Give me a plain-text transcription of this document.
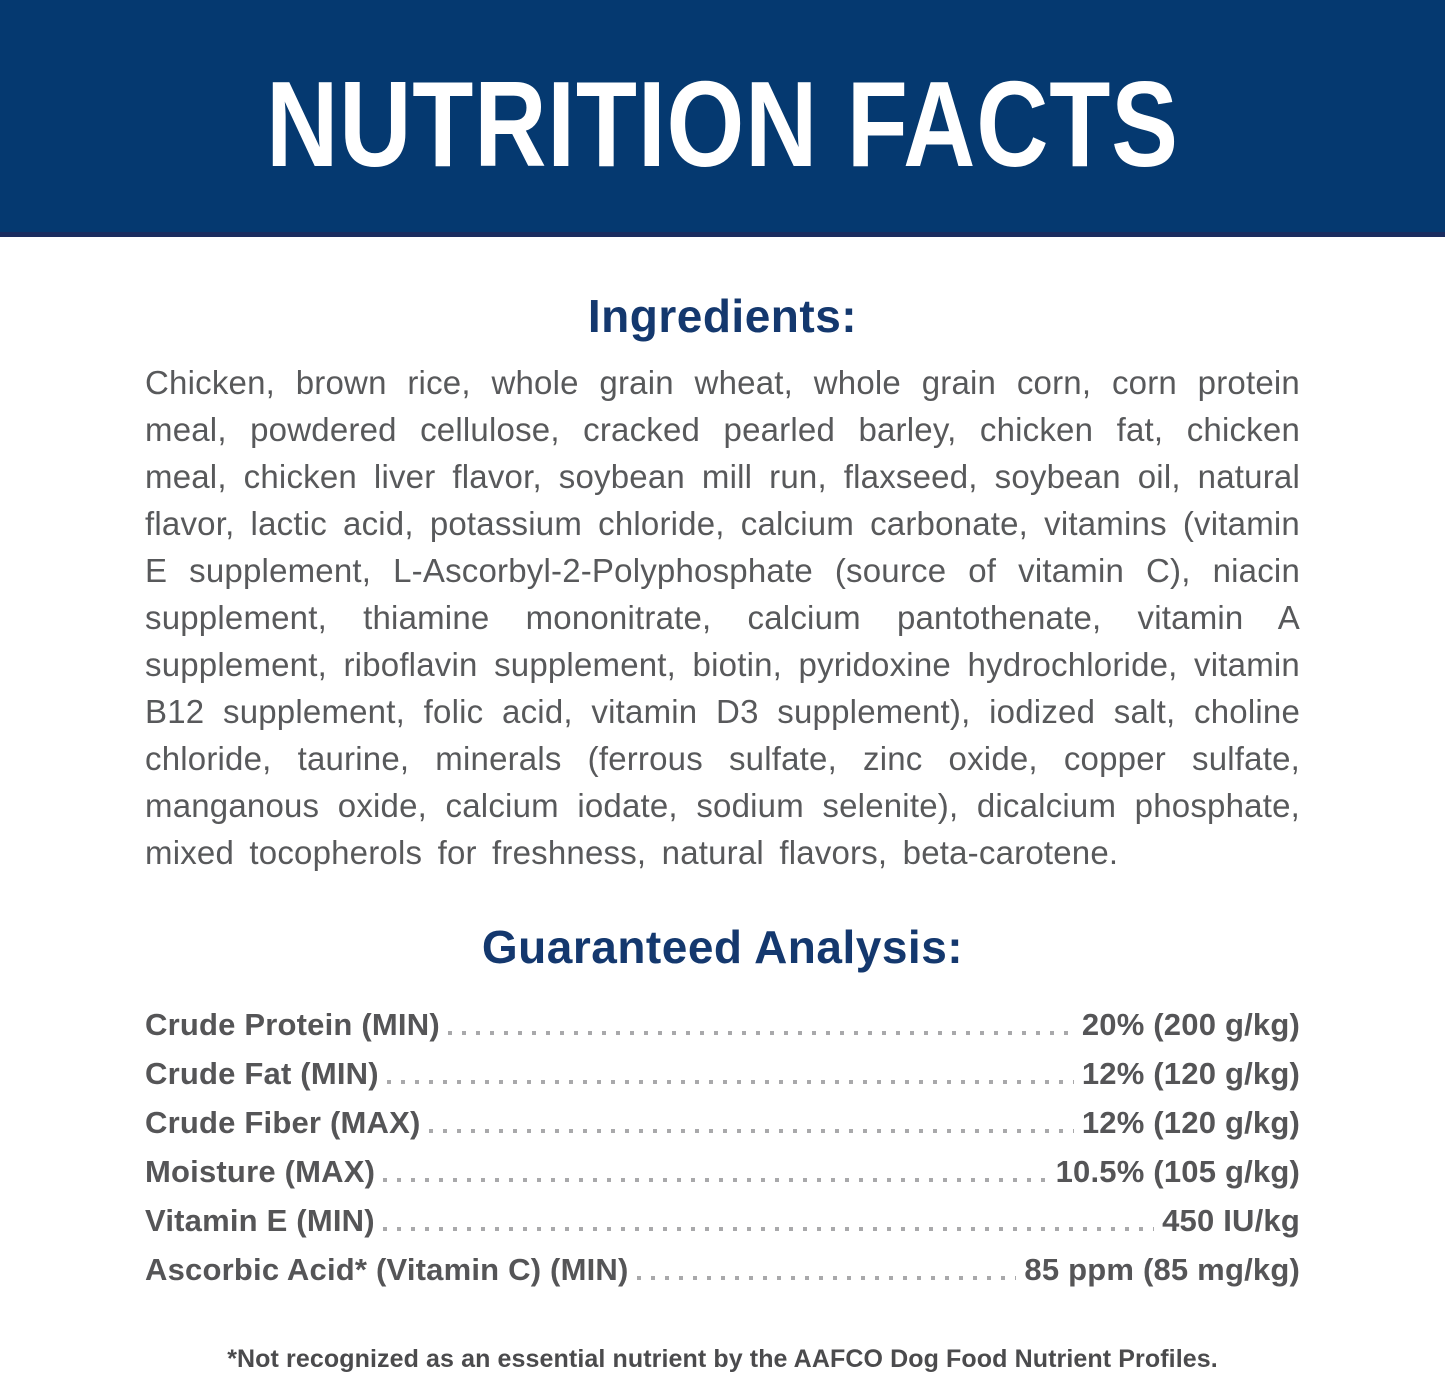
NUTRITION FACTS
Ingredients:

Chicken, brown rice, whole grain wheat, whole grain corn, corn protein meal, powdered cellulose, cracked pearled barley, chicken fat, chicken meal, chicken liver flavor, soybean mill run, flaxseed, soybean oil, natural flavor, lactic acid, potassium chloride, calcium carbonate, vitamins (vitamin E supplement, L-Ascorbyl-2-Polyphosphate (source of vitamin C), niacin supplement, thiamine mononitrate, calcium pantothenate, vitamin A supplement, riboflavin supplement, biotin, pyridoxine hydrochloride, vitamin B12 supplement, folic acid, vitamin D3 supplement), iodized salt, choline chloride, taurine, minerals (ferrous sulfate, zinc oxide, copper sulfate, manganous oxide, calcium iodate, sodium selenite), dicalcium phosphate, mixed tocopherols for freshness, natural flavors, beta-carotene.

Guaranteed Analysis:
Crude Protein (MIN)	20% (200 g/kg)
Crude Fat (MIN)	12% (120 g/kg)
Crude Fiber (MAX)	12% (120 g/kg)
Moisture (MAX)	10.5% (105 g/kg)
Vitamin E (MIN)	450 IU/kg
Ascorbic Acid* (Vitamin C) (MIN)	85 ppm (85 mg/kg)
*Not recognized as an essential nutrient by the AAFCO Dog Food Nutrient Profiles.
